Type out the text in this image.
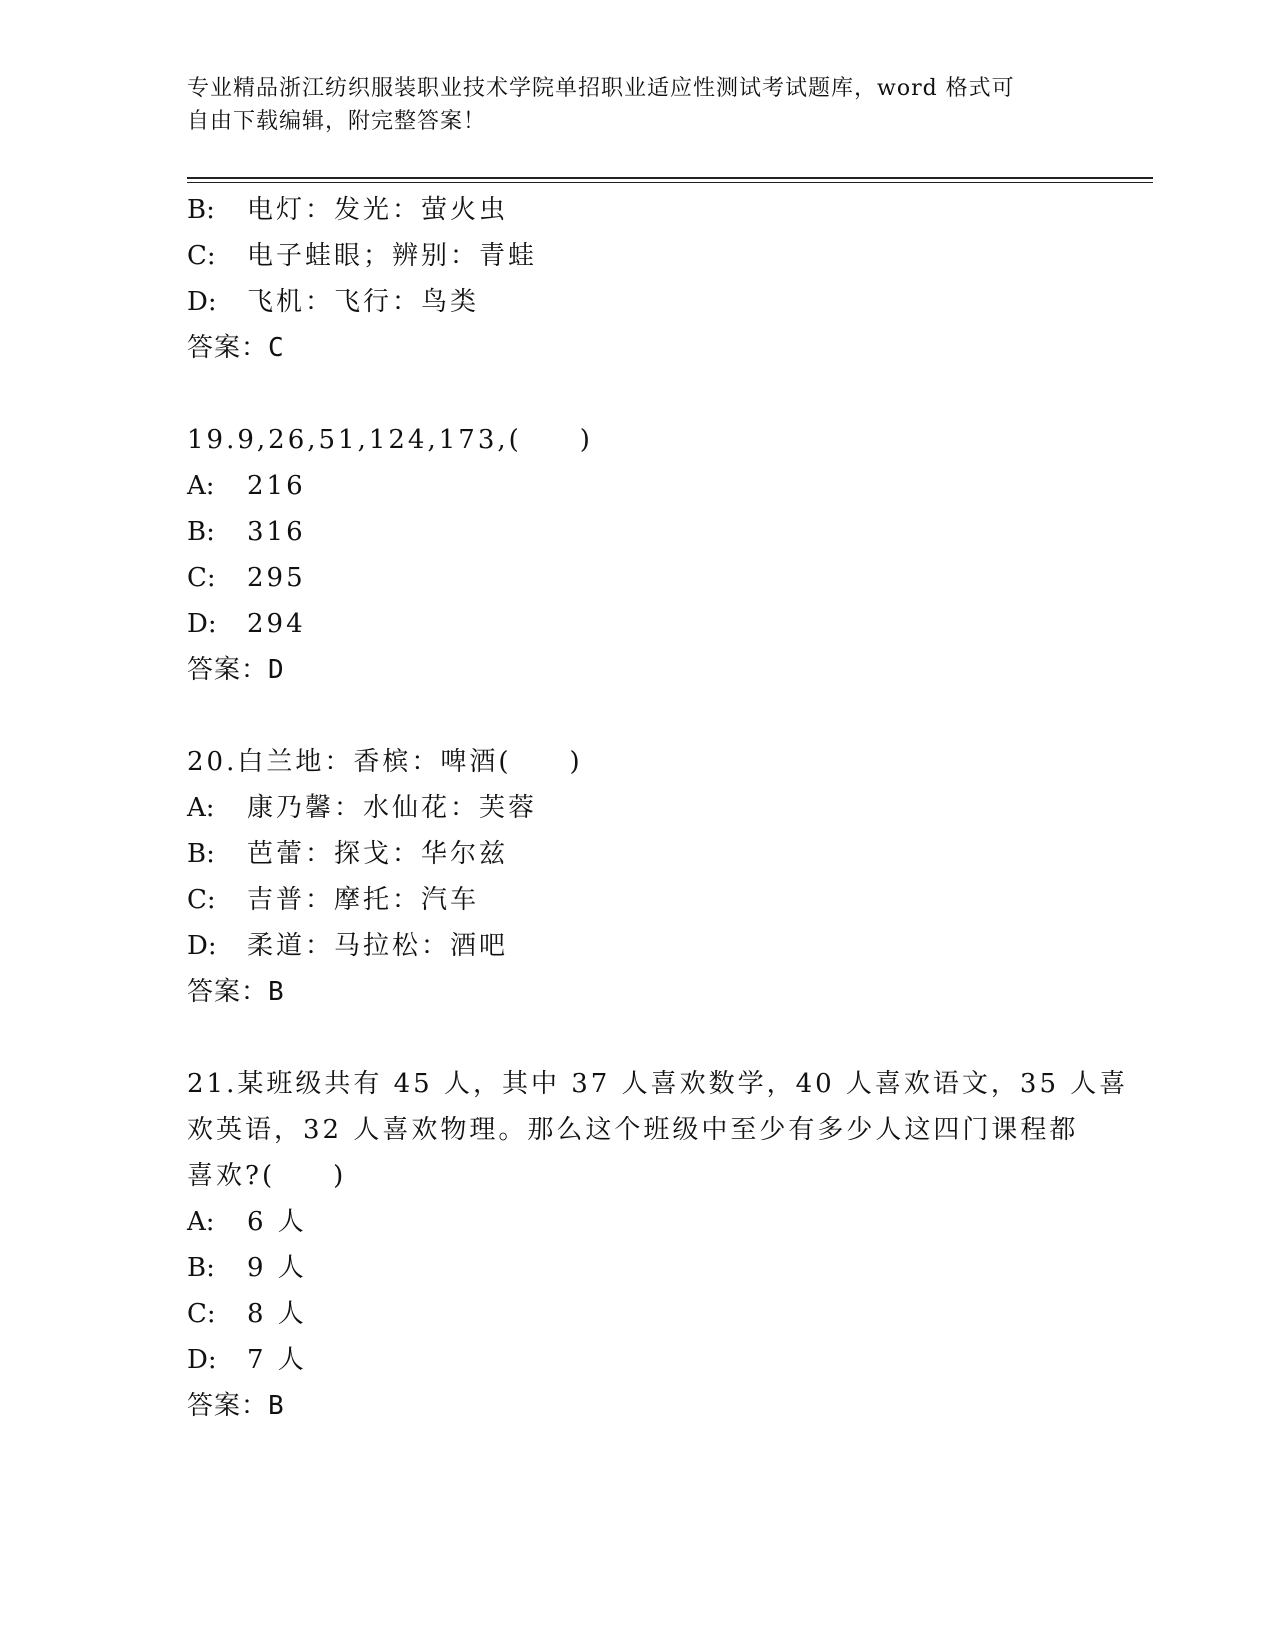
专业精品浙江纺织服装职业技术学院单招职业适应性测试考试题库，word 格式可
自由下载编辑，附完整答案！
B: 电灯：发光：萤火虫
C: 电子蛙眼；辨别：青蛙
D: 飞机：飞行：鸟类
答案：C
19.9,26,51,124,173,(　　)
A: 216
B: 316
C: 295
D: 294
答案：D
20.白兰地：香槟：啤酒(　　)
A: 康乃馨：水仙花：芙蓉
B: 芭蕾：探戈：华尔兹
C: 吉普：摩托：汽车
D: 柔道：马拉松：酒吧
答案：B
21.某班级共有 45 人，其中 37 人喜欢数学，40 人喜欢语文，35 人喜
欢英语，32 人喜欢物理。那么这个班级中至少有多少人这四门课程都
喜欢?(　　)
A: 6 人
B: 9 人
C: 8 人
D: 7 人
答案：B
